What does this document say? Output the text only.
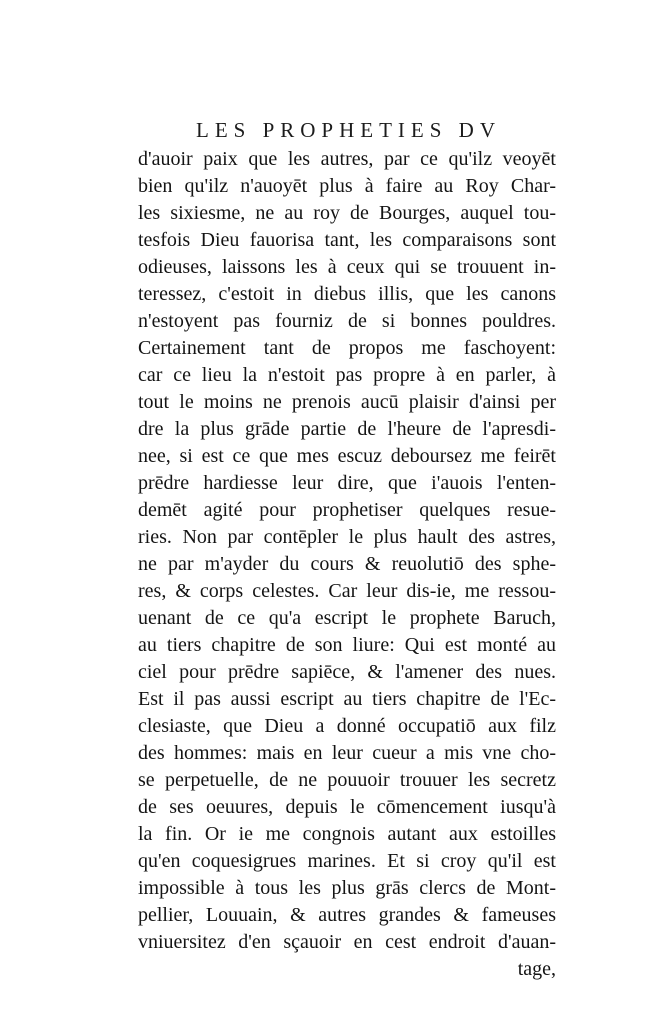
LES PROPHETIES DV
d'auoir paix que les autres, par ce qu'ilz veoyēt
bien qu'ilz n'auoyēt plus à faire au Roy Char-
les sixiesme, ne au roy de Bourges, auquel tou-
tesfois Dieu fauorisa tant, les comparaisons sont
odieuses, laissons les à ceux qui se trouuent in-
teressez, c'estoit in diebus illis, que les canons
n'estoyent pas fourniz de si bonnes pouldres.
Certainement tant de propos me faschoyent:
car ce lieu la n'estoit pas propre à en parler, à
tout le moins ne prenois aucū plaisir d'ainsi per
dre la plus grāde partie de l'heure de l'apresdi-
nee, si est ce que mes escuz deboursez me feirēt
prēdre hardiesse leur dire, que i'auois l'enten-
demēt agité pour prophetiser quelques resue-
ries. Non par contēpler le plus hault des astres,
ne par m'ayder du cours & reuolutiō des sphe-
res, & corps celestes. Car leur dis-ie, me ressou-
uenant de ce qu'a escript le prophete Baruch,
au tiers chapitre de son liure: Qui est monté au
ciel pour prēdre sapiēce, & l'amener des nues.
Est il pas aussi escript au tiers chapitre de l'Ec-
clesiaste, que Dieu a donné occupatiō aux filz
des hommes: mais en leur cueur a mis vne cho-
se perpetuelle, de ne pouuoir trouuer les secretz
de ses oeuures, depuis le cōmencement iusqu'à
la fin. Or ie me congnois autant aux estoilles
qu'en coquesigrues marines. Et si croy qu'il est
impossible à tous les plus grās clercs de Mont-
pellier, Louuain, & autres grandes & fameuses
vniuersitez d'en sçauoir en cest endroit d'auan-
tage,
